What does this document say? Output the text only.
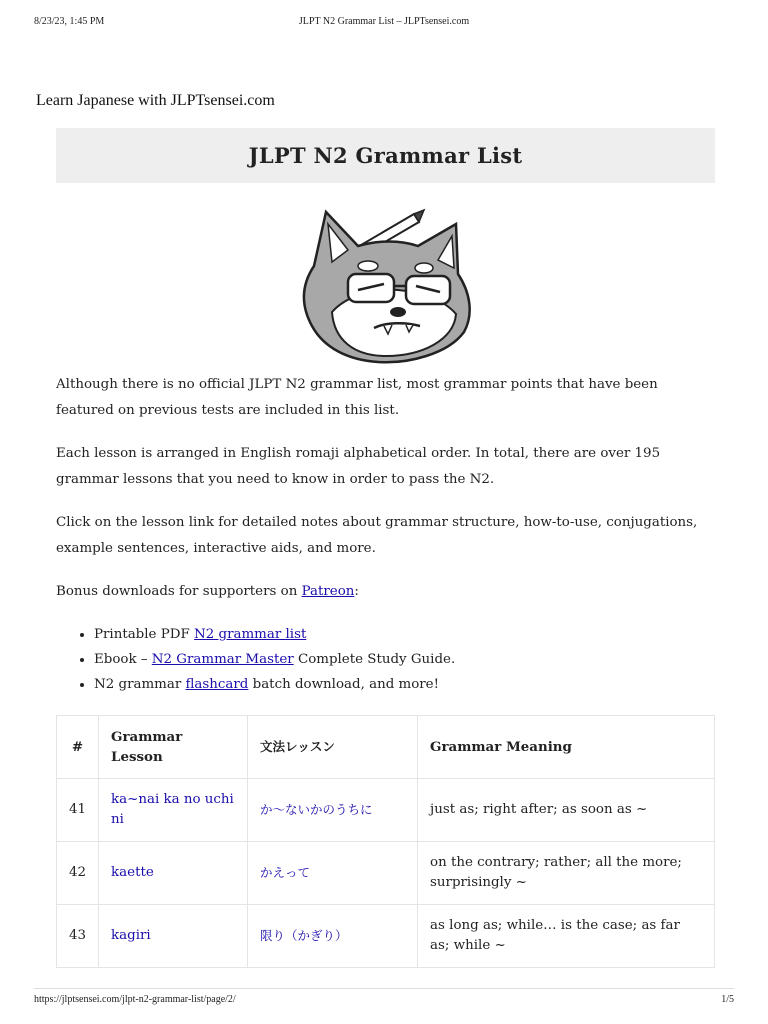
8/23/23, 1:45 PM	JLPT N2 Grammar List – JLPTsensei.com
Learn Japanese with JLPTsensei.com
JLPT N2 Grammar List

Although there is no official JLPT N2 grammar list, most grammar points that have been featured on previous tests are included in this list.

Each lesson is arranged in English romaji alphabetical order. In total, there are over 195 grammar lessons that you need to know in order to pass the N2.

Click on the lesson link for detailed notes about grammar structure, how-to-use, conjugations, example sentences, interactive aids, and more.

Bonus downloads for supporters on Patreon:

• Printable PDF N2 grammar list
• Ebook – N2 Grammar Master Complete Study Guide.
• N2 grammar flashcard batch download, and more!
#	Grammar Lesson	文法レッスン	Grammar Meaning
41	ka~nai ka no uchi ni	か〜ないかのうちに	just as; right after; as soon as ~
42	kaette	かえって	on the contrary; rather; all the more; surprisingly ~
43	kagiri	限り（かぎり）	as long as; while… is the case; as far as; while ~
https://jlptsensei.com/jlpt-n2-grammar-list/page/2/	1/5
